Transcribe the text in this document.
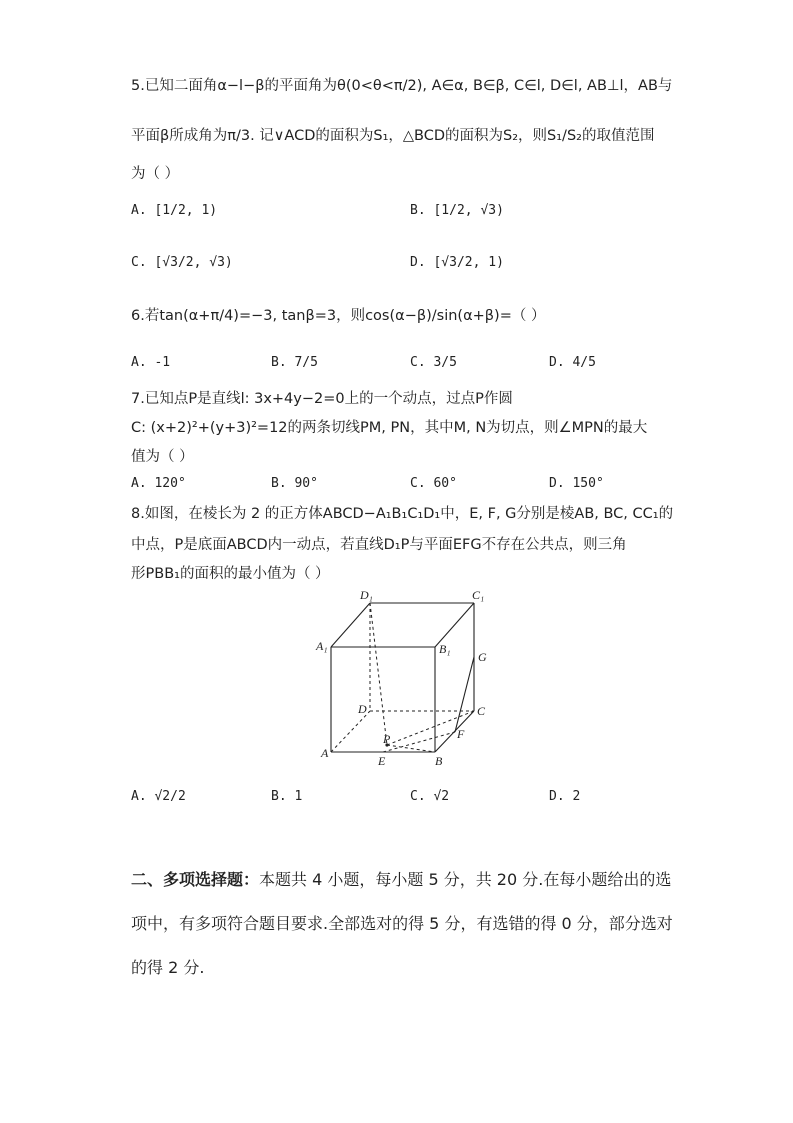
5.已知二面角α−l−β的平面角为θ(0<θ<π/2), A∈α, B∈β, C∈l, D∈l, AB⊥l，AB与
平面β所成角为π/3. 记∨ACD的面积为S₁，△BCD的面积为S₂，则S₁/S₂的取值范围
为（ ）
A. [1/2, 1)	B. [1/2, √3)
C. [√3/2, √3)	D. [√3/2, 1)
6.若tan(α+π/4)=−3, tanβ=3，则cos(α−β)/sin(α+β)=（ ）
A. -1	B. 7/5	C. 3/5	D. 4/5
7.已知点P是直线l: 3x+4y−2=0上的一个动点，过点P作圆
C: (x+2)²+(y+3)²=12的两条切线PM, PN，其中M, N为切点，则∠MPN的最大
值为（ ）
A. 120°	B. 90°	C. 60°	D. 150°
8.如图，在棱长为 2 的正方体ABCD−A₁B₁C₁D₁中，E, F, G分别是棱AB, BC, CC₁的
中点，P是底面ABCD内一动点，若直线D₁P与平面EFG不存在公共点，则三角
形PBB₁的面积的最小值为（ ）
D₁	C₁
A₁	B₁
G
D	C
P	F
A
E	B
A. √2/2	B. 1	C. √2	D. 2
二、多项选择题：本题共 4 小题，每小题 5 分，共 20 分.在每小题给出的选
项中，有多项符合题目要求.全部选对的得 5 分，有选错的得 0 分，部分选对
的得 2 分.
